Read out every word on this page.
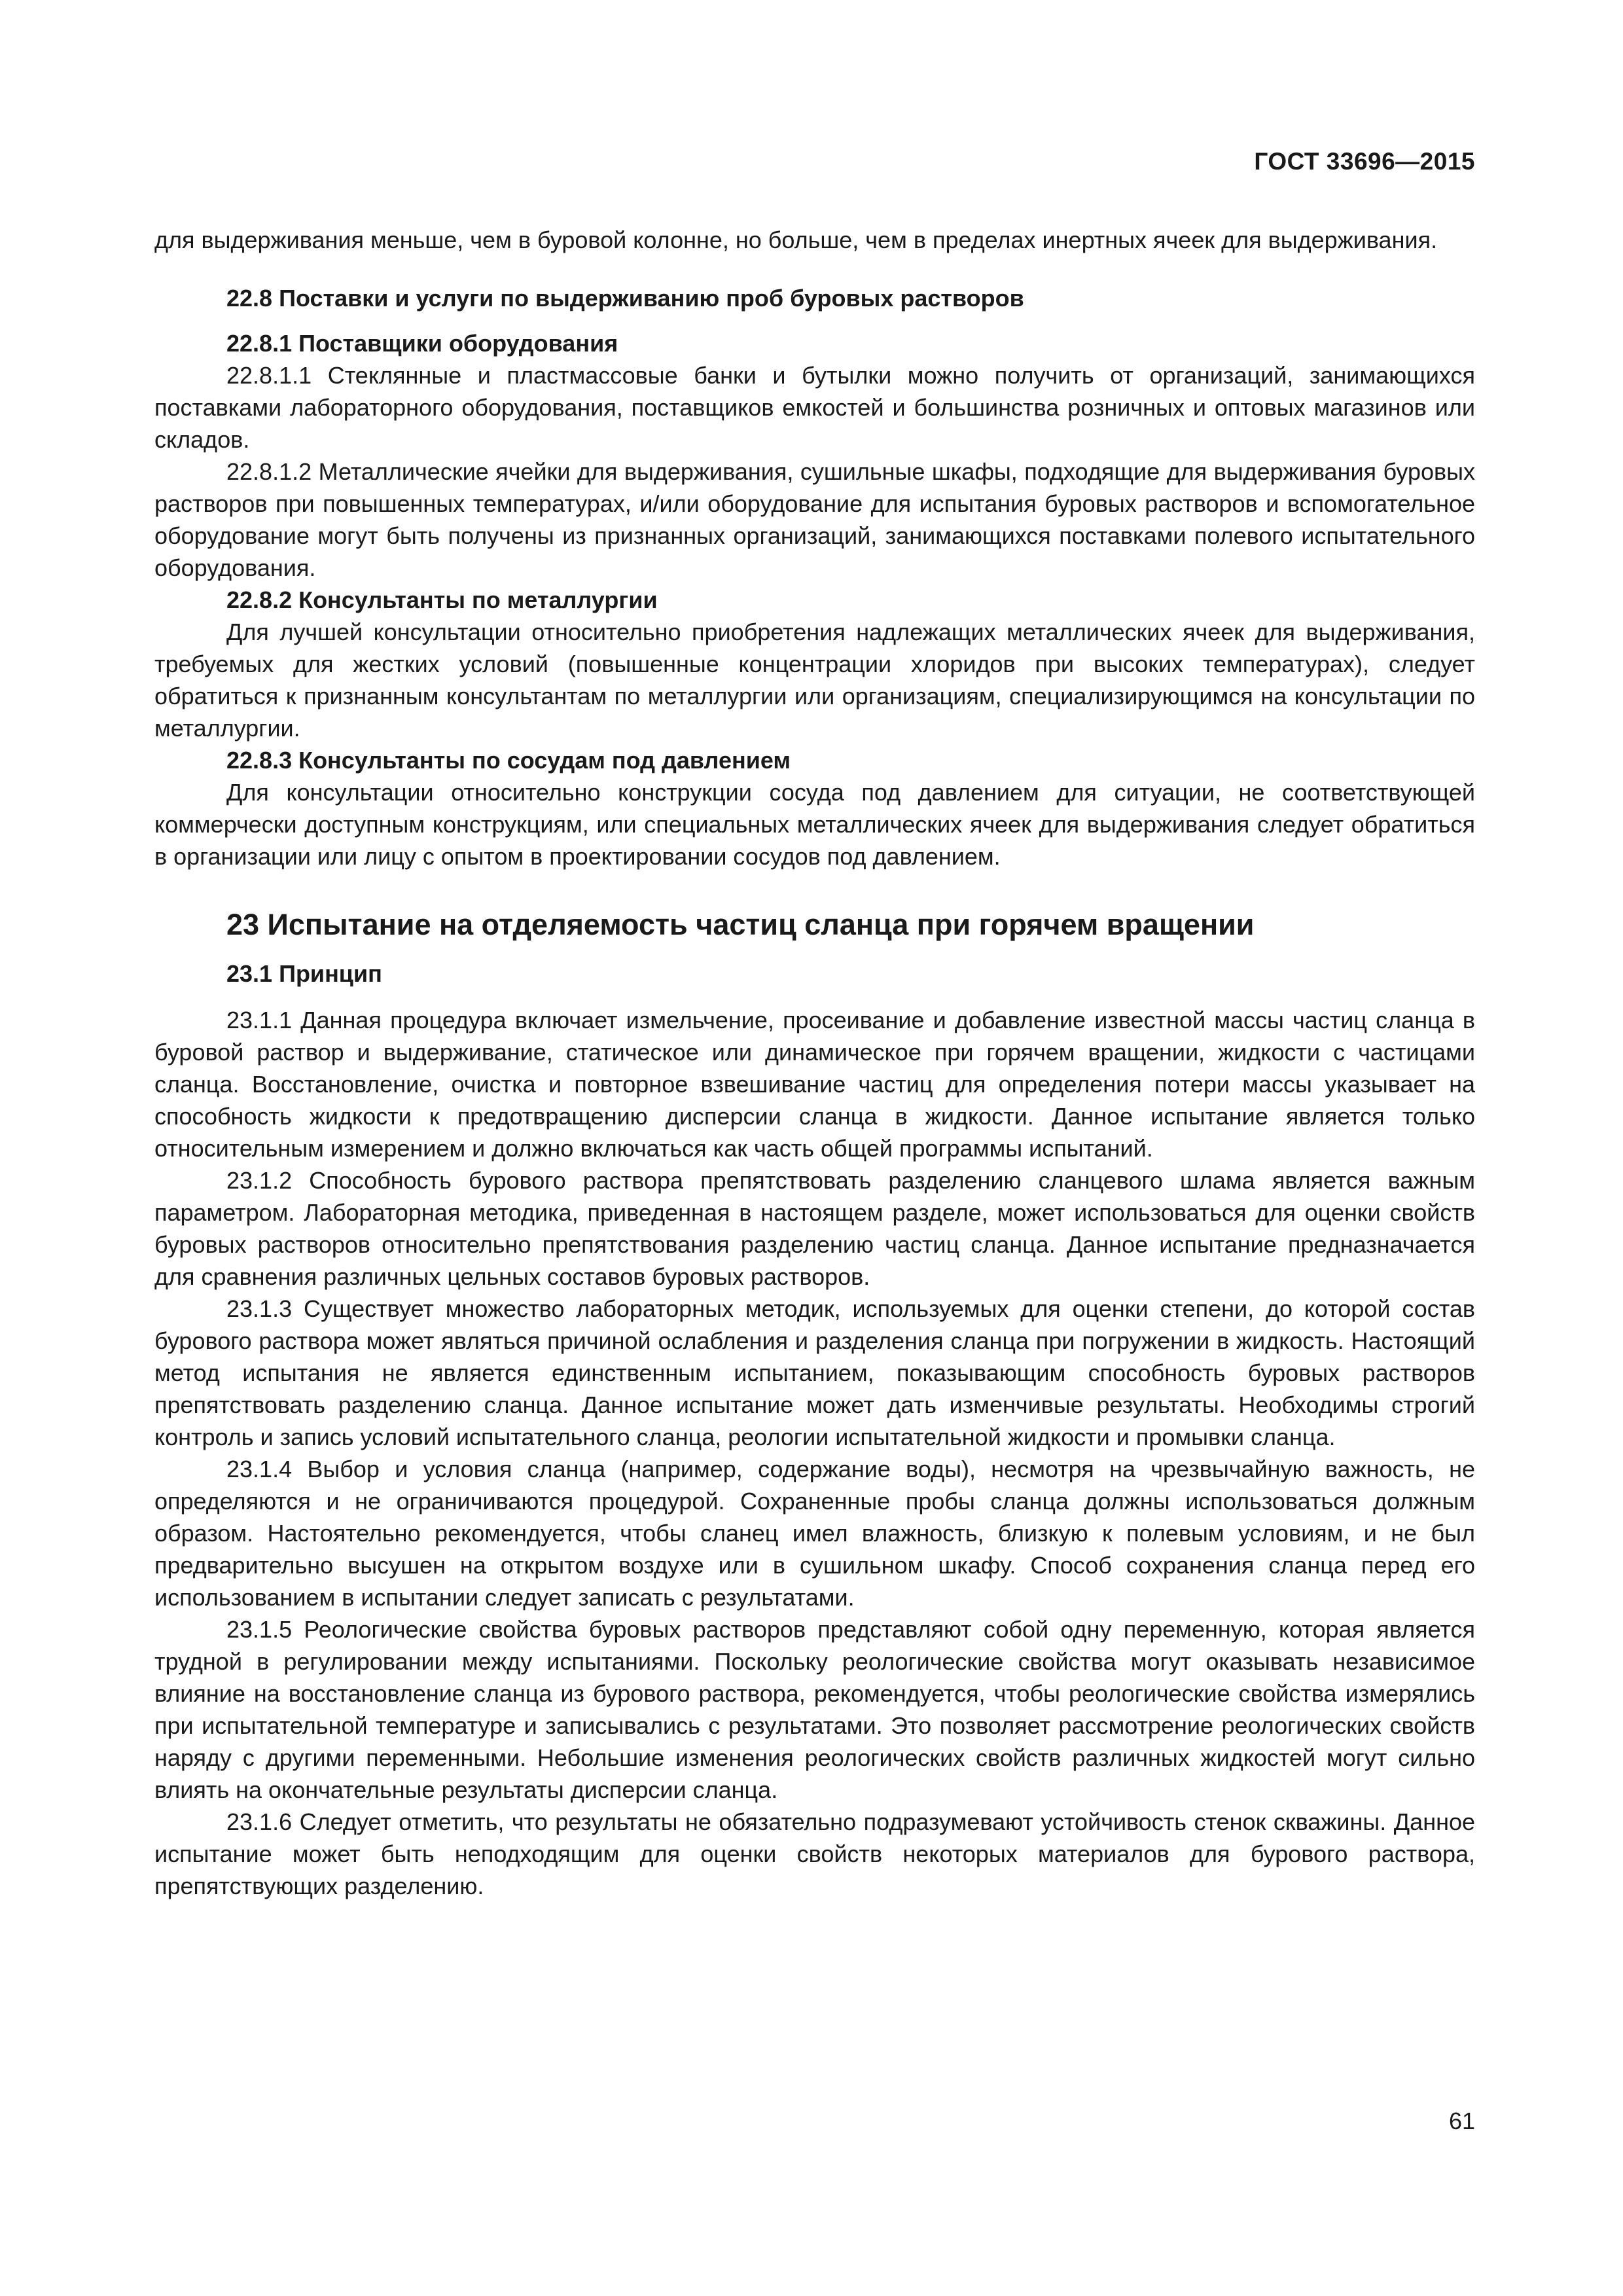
ГОСТ 33696—2015

для выдерживания меньше, чем в буровой колонне, но больше, чем в пределах инертных ячеек для выдерживания.

22.8 Поставки и услуги по выдерживанию проб буровых растворов
22.8.1 Поставщики оборудования

22.8.1.1 Стеклянные и пластмассовые банки и бутылки можно получить от организаций, занимающихся поставками лабораторного оборудования, поставщиков емкостей и большинства розничных и оптовых магазинов или складов.

22.8.1.2 Металлические ячейки для выдерживания, сушильные шкафы, подходящие для выдерживания буровых растворов при повышенных температурах, и/или оборудование для испытания буровых растворов и вспомогательное оборудование могут быть получены из признанных организаций, занимающихся поставками полевого испытательного оборудования.

22.8.2 Консультанты по металлургии

Для лучшей консультации относительно приобретения надлежащих металлических ячеек для выдерживания, требуемых для жестких условий (повышенные концентрации хлоридов при высоких температурах), следует обратиться к признанным консультантам по металлургии или организациям, специализирующимся на консультации по металлургии.

22.8.3 Консультанты по сосудам под давлением

Для консультации относительно конструкции сосуда под давлением для ситуации, не соответствующей коммерчески доступным конструкциям, или специальных металлических ячеек для выдерживания следует обратиться в организации или лицу с опытом в проектировании сосудов под давлением.

23 Испытание на отделяемость частиц сланца при горячем вращении
23.1 Принцип

23.1.1 Данная процедура включает измельчение, просеивание и добавление известной массы частиц сланца в буровой раствор и выдерживание, статическое или динамическое при горячем вращении, жидкости с частицами сланца. Восстановление, очистка и повторное взвешивание частиц для определения потери массы указывает на способность жидкости к предотвращению дисперсии сланца в жидкости. Данное испытание является только относительным измерением и должно включаться как часть общей программы испытаний.

23.1.2 Способность бурового раствора препятствовать разделению сланцевого шлама является важным параметром. Лабораторная методика, приведенная в настоящем разделе, может использоваться для оценки свойств буровых растворов относительно препятствования разделению частиц сланца. Данное испытание предназначается для сравнения различных цельных составов буровых растворов.

23.1.3 Существует множество лабораторных методик, используемых для оценки степени, до которой состав бурового раствора может являться причиной ослабления и разделения сланца при погружении в жидкость. Настоящий метод испытания не является единственным испытанием, показывающим способность буровых растворов препятствовать разделению сланца. Данное испытание может дать изменчивые результаты. Необходимы строгий контроль и запись условий испытательного сланца, реологии испытательной жидкости и промывки сланца.

23.1.4 Выбор и условия сланца (например, содержание воды), несмотря на чрезвычайную важность, не определяются и не ограничиваются процедурой. Сохраненные пробы сланца должны использоваться должным образом. Настоятельно рекомендуется, чтобы сланец имел влажность, близкую к полевым условиям, и не был предварительно высушен на открытом воздухе или в сушильном шкафу. Способ сохранения сланца перед его использованием в испытании следует записать с результатами.

23.1.5 Реологические свойства буровых растворов представляют собой одну переменную, которая является трудной в регулировании между испытаниями. Поскольку реологические свойства могут оказывать независимое влияние на восстановление сланца из бурового раствора, рекомендуется, чтобы реологические свойства измерялись при испытательной температуре и записывались с результатами. Это позволяет рассмотрение реологических свойств наряду с другими переменными. Небольшие изменения реологических свойств различных жидкостей могут сильно влиять на окончательные результаты дисперсии сланца.

23.1.6 Следует отметить, что результаты не обязательно подразумевают устойчивость стенок скважины. Данное испытание может быть неподходящим для оценки свойств некоторых материалов для бурового раствора, препятствующих разделению.

61
